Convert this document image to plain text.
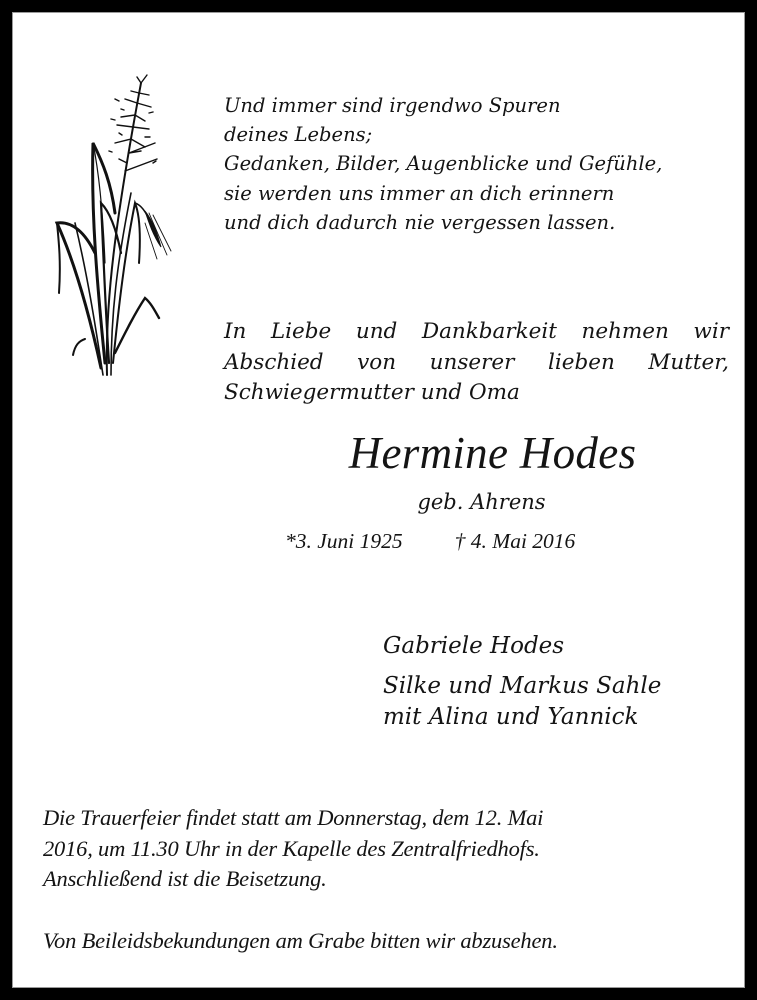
Und immer sind irgendwo Spuren
deines Lebens;
Gedanken, Bilder, Augenblicke und Gefühle,
sie werden uns immer an dich erinnern
und dich dadurch nie vergessen lassen.
In Liebe und Dankbarkeit nehmen wir
Abschied von unserer lieben Mutter,
Schwiegermutter und Oma
Hermine Hodes
geb. Ahrens
*3. Juni 1925 † 4. Mai 2016
Gabriele Hodes
Silke und Markus Sahle
mit Alina und Yannick
Die Trauerfeier findet statt am Donnerstag, dem 12. Mai
2016, um 11.30 Uhr in der Kapelle des Zentralfriedhofs.
Anschließend ist die Beisetzung.
Von Beileidsbekundungen am Grabe bitten wir abzusehen.
